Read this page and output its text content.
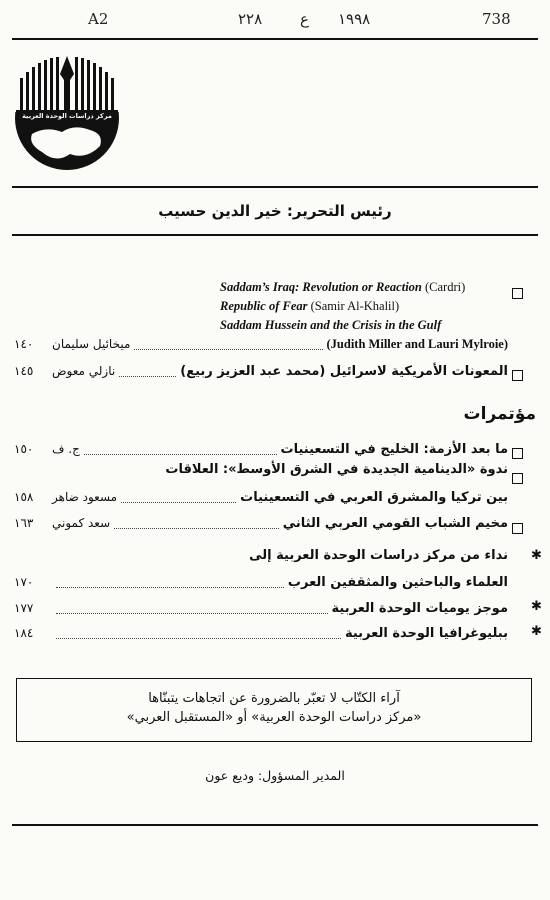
738
١٩٩٨
ع
٢٢٨
A2
مركز دراسات الوحدة العربية
رئيس التحرير: خير الدين حسيب
Saddam’s Iraq: Revolution or Reaction (Cardri)
Republic of Fear (Samir Al-Khalil)
Saddam Hussein and the Crisis in the Gulf
(Judith Miller and Lauri Mylroie)
ميخائيل سليمان
١٤٠
المعونات الأمريكية لاسرائيل (محمد عبد العزيز ربيع)
نازلي معوض
١٤٥
مؤتمرات
ما بعد الأزمة: الخليج في التسعينيات
ج. ف
١٥٠
ندوة «الدينامية الجديدة في الشرق الأوسط»: العلاقات
بين تركيا والمشرق العربي في التسعينيات
مسعود ضاهر
١٥٨
مخيم الشباب القومي العربي الثاني
سعد كموني
١٦٣
✱
نداء من مركز دراسات الوحدة العربية إلى
العلماء والباحثين والمثقفين العرب
١٧٠
✱
موجز يوميات الوحدة العربية
١٧٧
✱
ببليوغرافيا الوحدة العربية
١٨٤
آراء الكتّاب لا تعبّر بالضرورة عن اتجاهات يتبنّاها
«مركز دراسات الوحدة العربية» أو «المستقبل العربي»
المدير المسؤول: وديع عون
